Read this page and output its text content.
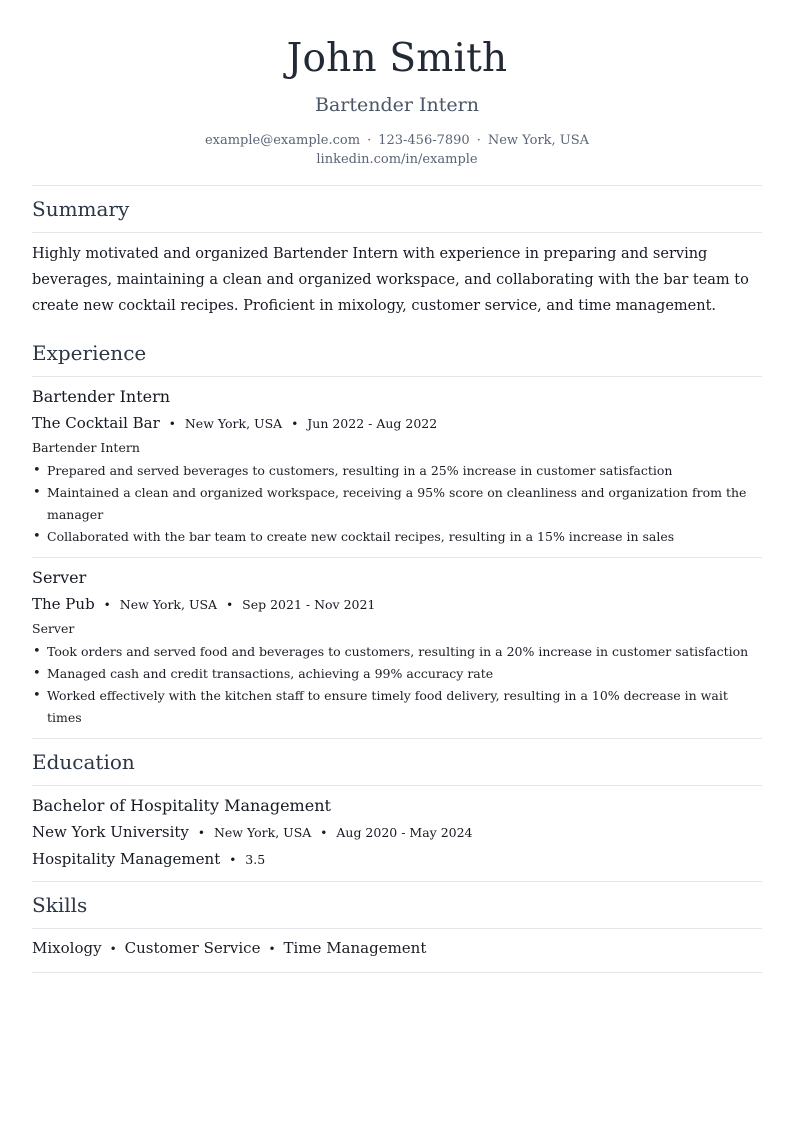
John Smith
Bartender Intern
example@example.com · 123-456-7890 · New York, USA
linkedin.com/in/example
Summary
Highly motivated and organized Bartender Intern with experience in preparing and serving beverages, maintaining a clean and organized workspace, and collaborating with the bar team to create new cocktail recipes. Proficient in mixology, customer service, and time management.
Experience
Bartender Intern
The Cocktail Bar • New York, USA • Jun 2022 - Aug 2022
Bartender Intern
• Prepared and served beverages to customers, resulting in a 25% increase in customer satisfaction
• Maintained a clean and organized workspace, receiving a 95% score on cleanliness and organization from the manager
• Collaborated with the bar team to create new cocktail recipes, resulting in a 15% increase in sales
Server
The Pub • New York, USA • Sep 2021 - Nov 2021
Server
• Took orders and served food and beverages to customers, resulting in a 20% increase in customer satisfaction
• Managed cash and credit transactions, achieving a 99% accuracy rate
• Worked effectively with the kitchen staff to ensure timely food delivery, resulting in a 10% decrease in wait times
Education
Bachelor of Hospitality Management
New York University • New York, USA • Aug 2020 - May 2024
Hospitality Management • 3.5
Skills
Mixology • Customer Service • Time Management
